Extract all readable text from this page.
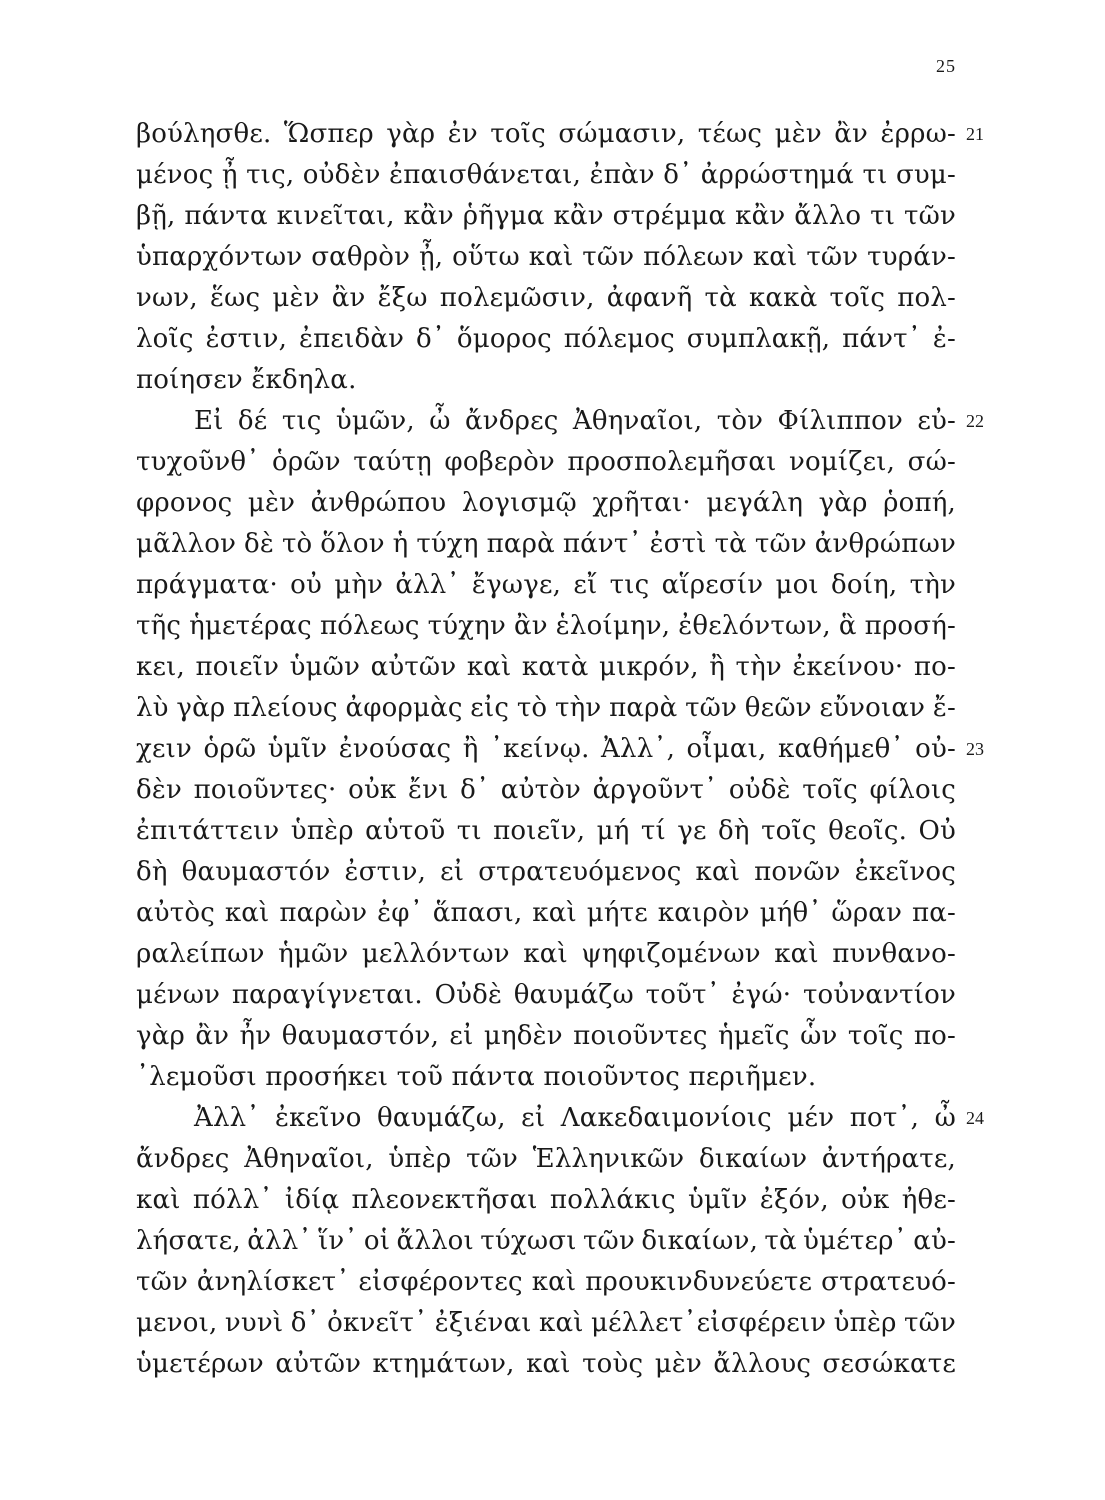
25
βούλησθε. Ὥσπερ γὰρ ἐν τοῖς σώμασιν, τέως μὲν ἂν ἐρρω- 21
μένος ᾖ τις, οὐδὲν ἐπαισθάνεται, ἐπὰν δ᾽ ἀρρώστημά τι συμ-
βῇ, πάντα κινεῖται, κἂν ῥῆγμα κἂν στρέμμα κἂν ἄλλο τι τῶν
ὑπαρχόντων σαθρὸν ᾖ, οὕτω καὶ τῶν πόλεων καὶ τῶν τυράν-
νων, ἕως μὲν ἂν ἔξω πολεμῶσιν, ἀφανῆ τὰ κακὰ τοῖς πολ-
λοῖς ἐστιν, ἐπειδὰν δ᾽ ὅμορος πόλεμος συμπλακῇ, πάντ᾽ ἐ-
ποίησεν ἔκδηλα.
Εἰ δέ τις ὑμῶν, ὦ ἄνδρες Ἀθηναῖοι, τὸν Φίλιππον εὐ- 22
τυχοῦνθ᾽ ὁρῶν ταύτῃ φοβερὸν προσπολεμῆσαι νομίζει, σώ-
φρονος μὲν ἀνθρώπου λογισμῷ χρῆται· μεγάλη γὰρ ῥοπή,
μᾶλλον δὲ τὸ ὅλον ἡ τύχη παρὰ πάντ᾽ ἐστὶ τὰ τῶν ἀνθρώπων
πράγματα· οὐ μὴν ἀλλ᾽ ἔγωγε, εἴ τις αἵρεσίν μοι δοίη, τὴν
τῆς ἡμετέρας πόλεως τύχην ἂν ἑλοίμην, ἐθελόντων, ἃ προσή-
κει, ποιεῖν ὑμῶν αὐτῶν καὶ κατὰ μικρόν, ἢ τὴν ἐκείνου· πο-
λὺ γὰρ πλείους ἀφορμὰς εἰς τὸ τὴν παρὰ τῶν θεῶν εὔνοιαν ἔ-
χειν ὁρῶ ὑμῖν ἐνούσας ἢ ᾽κείνῳ. Ἀλλ᾽, οἶμαι, καθήμεθ᾽ οὐ- 23
δὲν ποιοῦντες· οὐκ ἔνι δ᾽ αὐτὸν ἀργοῦντ᾽ οὐδὲ τοῖς φίλοις
ἐπιτάττειν ὑπὲρ αὑτοῦ τι ποιεῖν, μή τί γε δὴ τοῖς θεοῖς. Οὐ
δὴ θαυμαστόν ἐστιν, εἰ στρατευόμενος καὶ πονῶν ἐκεῖνος
αὐτὸς καὶ παρὼν ἐφ᾽ ἅπασι, καὶ μήτε καιρὸν μήθ᾽ ὥραν πα-
ραλείπων ἡμῶν μελλόντων καὶ ψηφιζομένων καὶ πυνθανο-
μένων παραγίγνεται. Οὐδὲ θαυμάζω τοῦτ᾽ ἐγώ· τοὐναντίον
γὰρ ἂν ἦν θαυμαστόν, εἰ μηδὲν ποιοῦντες ἡμεῖς ὧν τοῖς πο-
᾽λεμοῦσι προσήκει τοῦ πάντα ποιοῦντος περιῆμεν.
Ἀλλ᾽ ἐκεῖνο θαυμάζω, εἰ Λακεδαιμονίοις μέν ποτ᾽, ὦ 24
ἄνδρες Ἀθηναῖοι, ὑπὲρ τῶν Ἑλληνικῶν δικαίων ἀντήρατε,
καὶ πόλλ᾽ ἰδίᾳ πλεονεκτῆσαι πολλάκις ὑμῖν ἐξόν, οὐκ ἠθε-
λήσατε, ἀλλ᾽ ἵν᾽ οἱ ἄλλοι τύχωσι τῶν δικαίων, τὰ ὑμέτερ᾽ αὐ-
τῶν ἀνηλίσκετ᾽ εἰσφέροντες καὶ προυκινδυνεύετε στρατευό-
μενοι, νυνὶ δ᾽ ὀκνεῖτ᾽ ἐξιέναι καὶ μέλλετ᾽εἰσφέρειν ὑπὲρ τῶν
ὑμετέρων αὐτῶν κτημάτων, καὶ τοὺς μὲν ἄλλους σεσώκατε
